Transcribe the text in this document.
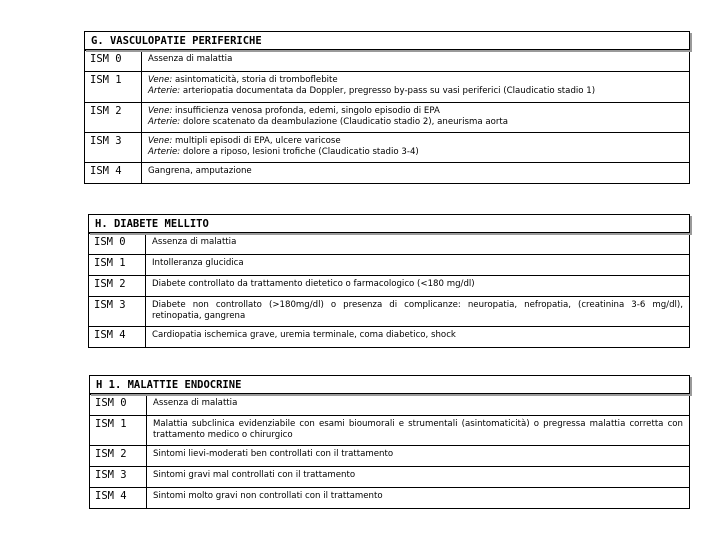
G. VASCULOPATIE PERIFERICHE
ISM 0	Assenza di malattia
ISM 1	Vene: asintomaticità, storia di tromboflebite
Arterie: arteriopatia documentata da Doppler, pregresso by-pass su vasi periferici (Claudicatio stadio 1)

ISM 2	Vene: insufficienza venosa profonda, edemi, singolo episodio di EPA
Arterie: dolore scatenato da deambulazione (Claudicatio stadio 2), aneurisma aorta

ISM 3	Vene: multipli episodi di EPA, ulcere varicose
Arterie: dolore a riposo, lesioni trofiche (Claudicatio stadio 3-4)

ISM 4	Gangrena, amputazione
H. DIABETE MELLITO
ISM 0	Assenza di malattia
ISM 1	Intolleranza glucidica
ISM 2	Diabete controllato da trattamento dietetico o farmacologico (<180 mg/dl)
ISM 3	Diabete non controllato (>180mg/dl) o presenza di complicanze: neuropatia, nefropatia, (creatinina 3-6 mg/dl), retinopatia, gangrena
ISM 4	Cardiopatia ischemica grave, uremia terminale, coma diabetico, shock
H 1. MALATTIE ENDOCRINE
ISM 0	Assenza di malattia
ISM 1	Malattia subclinica evidenziabile con esami bioumorali e strumentali (asintomaticità) o pregressa malattia corretta con trattamento medico o chirurgico
ISM 2	Sintomi lievi-moderati ben controllati con il trattamento
ISM 3	Sintomi gravi mal controllati con il trattamento
ISM 4	Sintomi molto gravi non controllati con il trattamento
